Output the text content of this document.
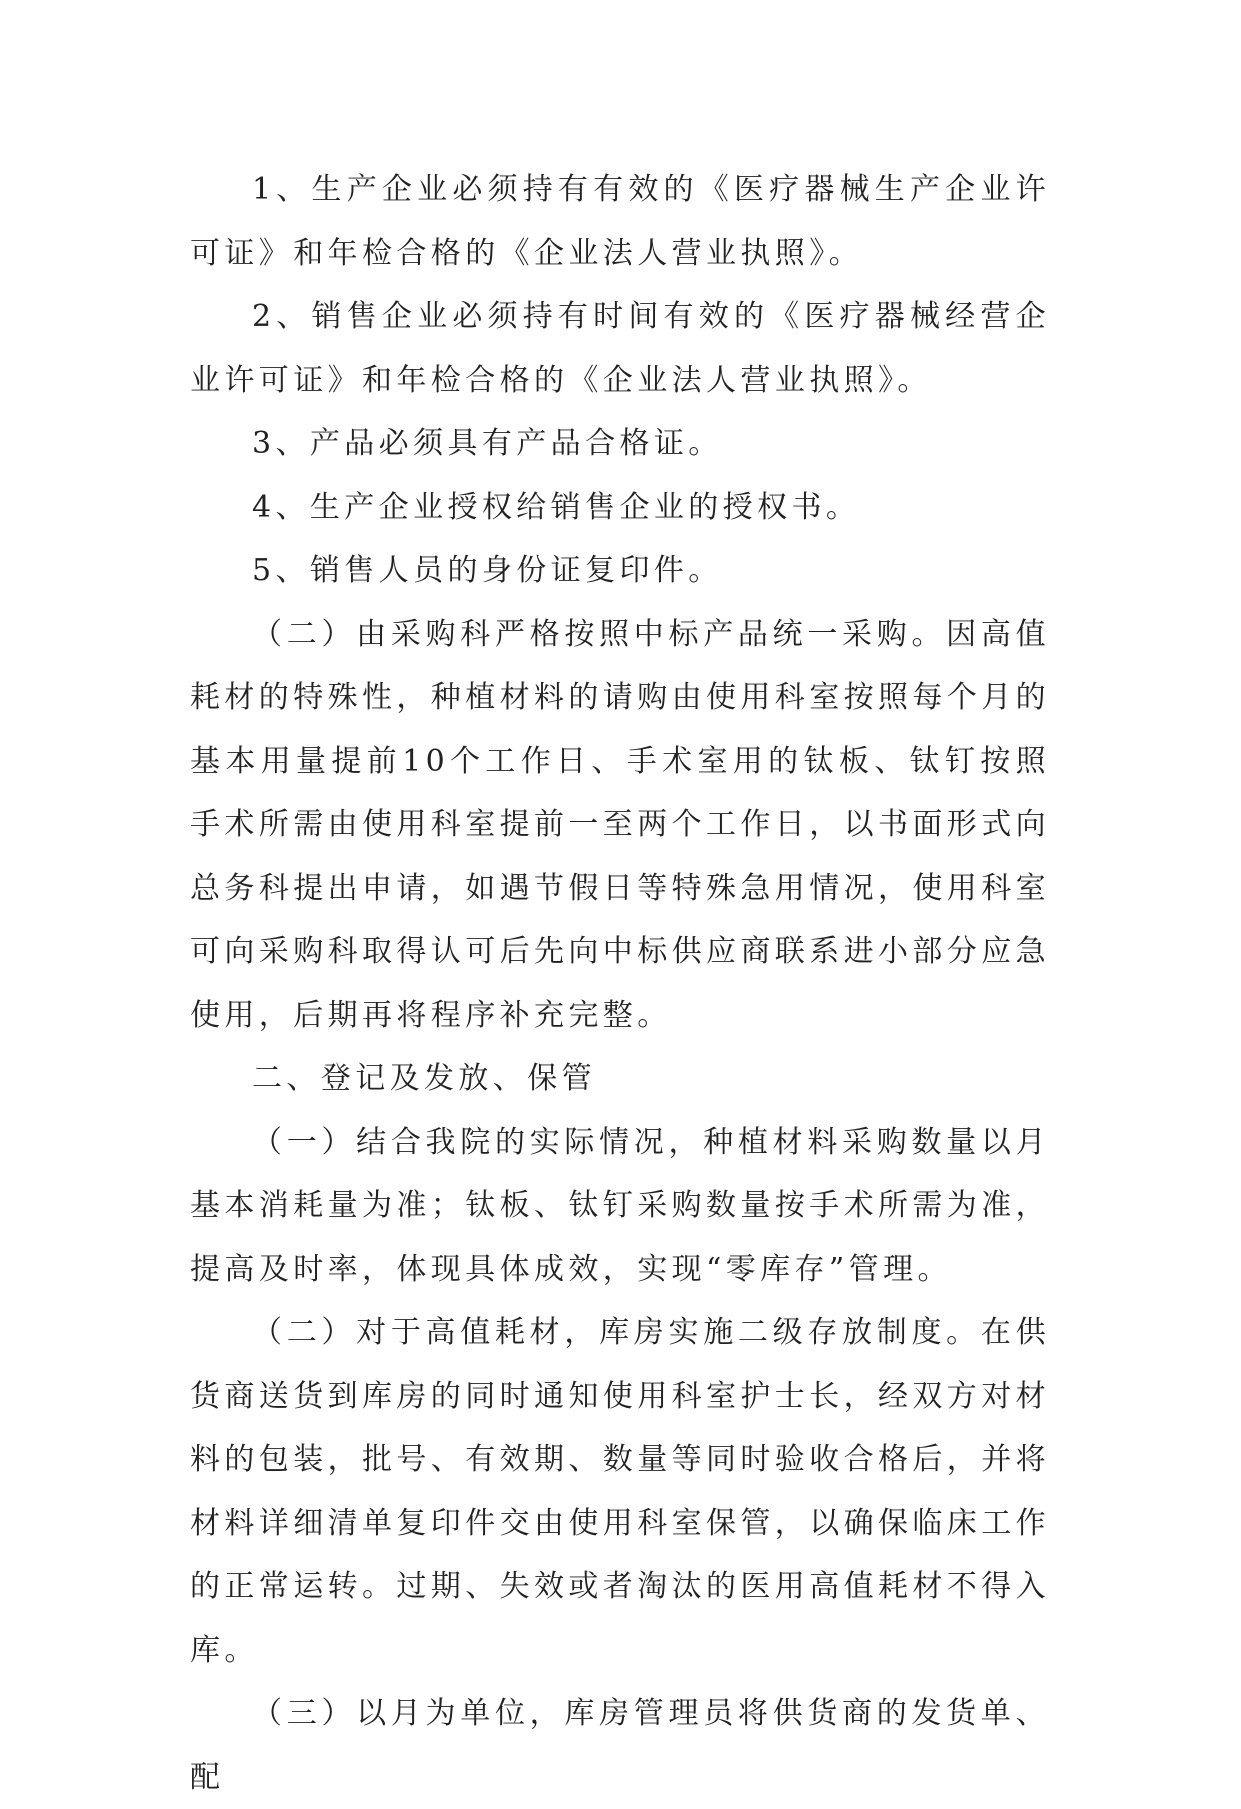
1、生产企业必须持有有效的《医疗器械生产企业许可证》和年检合格的《企业法人营业执照》。

2、销售企业必须持有时间有效的《医疗器械经营企业许可证》和年检合格的《企业法人营业执照》。

3、产品必须具有产品合格证。

4、生产企业授权给销售企业的授权书。

5、销售人员的身份证复印件。

（二）由采购科严格按照中标产品统一采购。因高值耗材的特殊性，种植材料的请购由使用科室按照每个月的基本用量提前10个工作日、手术室用的钛板、钛钉按照手术所需由使用科室提前一至两个工作日，以书面形式向总务科提出申请，如遇节假日等特殊急用情况，使用科室可向采购科取得认可后先向中标供应商联系进小部分应急使用，后期再将程序补充完整。

二、登记及发放、保管

（一）结合我院的实际情况，种植材料采购数量以月基本消耗量为准；钛板、钛钉采购数量按手术所需为准，提高及时率，体现具体成效，实现“零库存”管理。

（二）对于高值耗材，库房实施二级存放制度。在供货商送货到库房的同时通知使用科室护士长，经双方对材料的包装，批号、有效期、数量等同时验收合格后，并将材料详细清单复印件交由使用科室保管，以确保临床工作的正常运转。过期、失效或者淘汰的医用高值耗材不得入库。

（三）以月为单位，库房管理员将供货商的发货单、配
